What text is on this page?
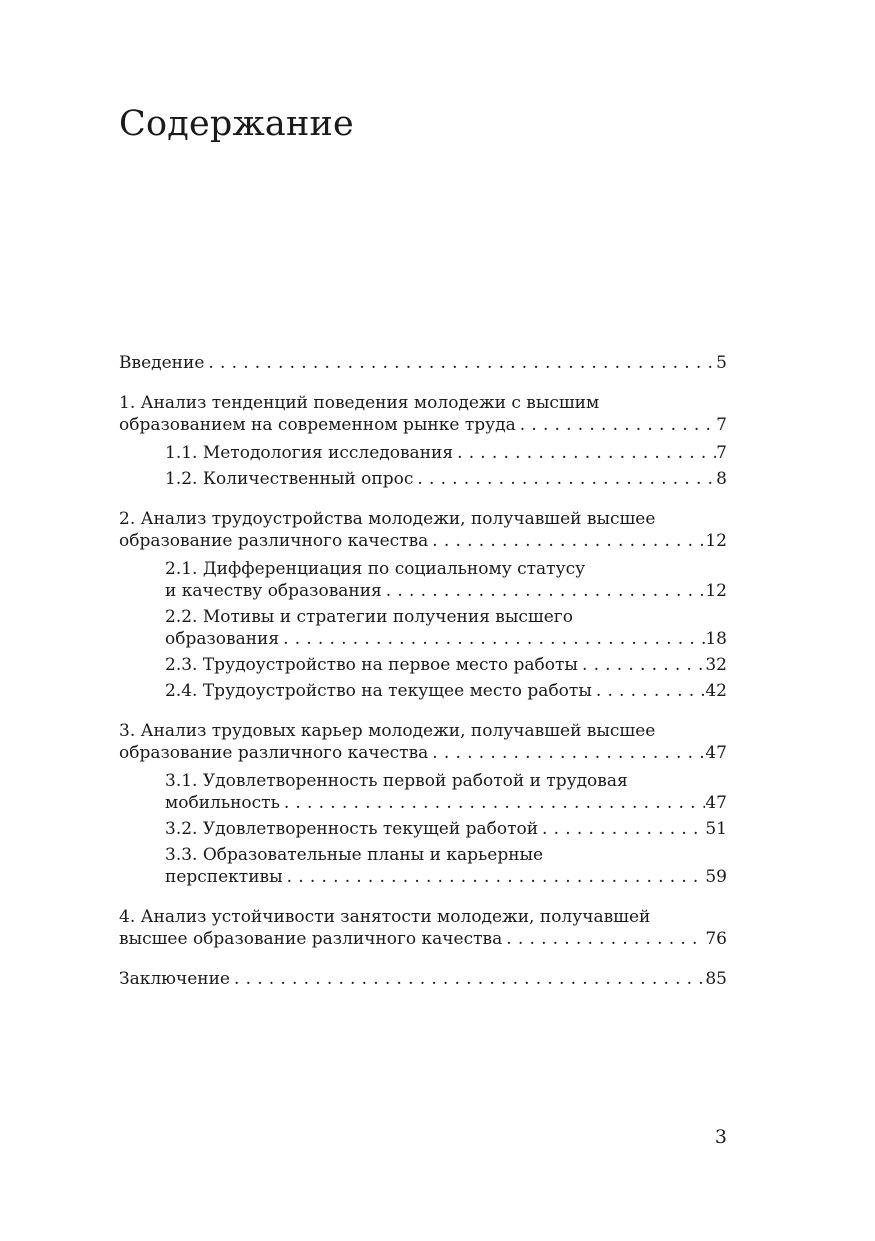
Содержание
Введение . . .	5
1. Анализ тенденций поведения молодежи с высшим
образованием на современном рынке труда . . .	7
1.1. Методология исследования . . .	7
1.2. Количественный опрос . . .	8
2. Анализ трудоустройства молодежи, получавшей высшее
образование различного качества . . .	12
2.1. Дифференциация по социальному статусу
и качеству образования . . .	12
2.2. Мотивы и стратегии получения высшего
образования . . .	18
2.3. Трудоустройство на первое место работы . . .	32
2.4. Трудоустройство на текущее место работы . . .	42
3. Анализ трудовых карьер молодежи, получавшей высшее
образование различного качества . . .	47
3.1. Удовлетворенность первой работой и трудовая
мобильность . . .	47
3.2. Удовлетворенность текущей работой . . .	51
3.3. Образовательные планы и карьерные
перспективы . . .	59
4. Анализ устойчивости занятости молодежи, получавшей
высшее образование различного качества . . .	76
Заключение . . .	85
3
